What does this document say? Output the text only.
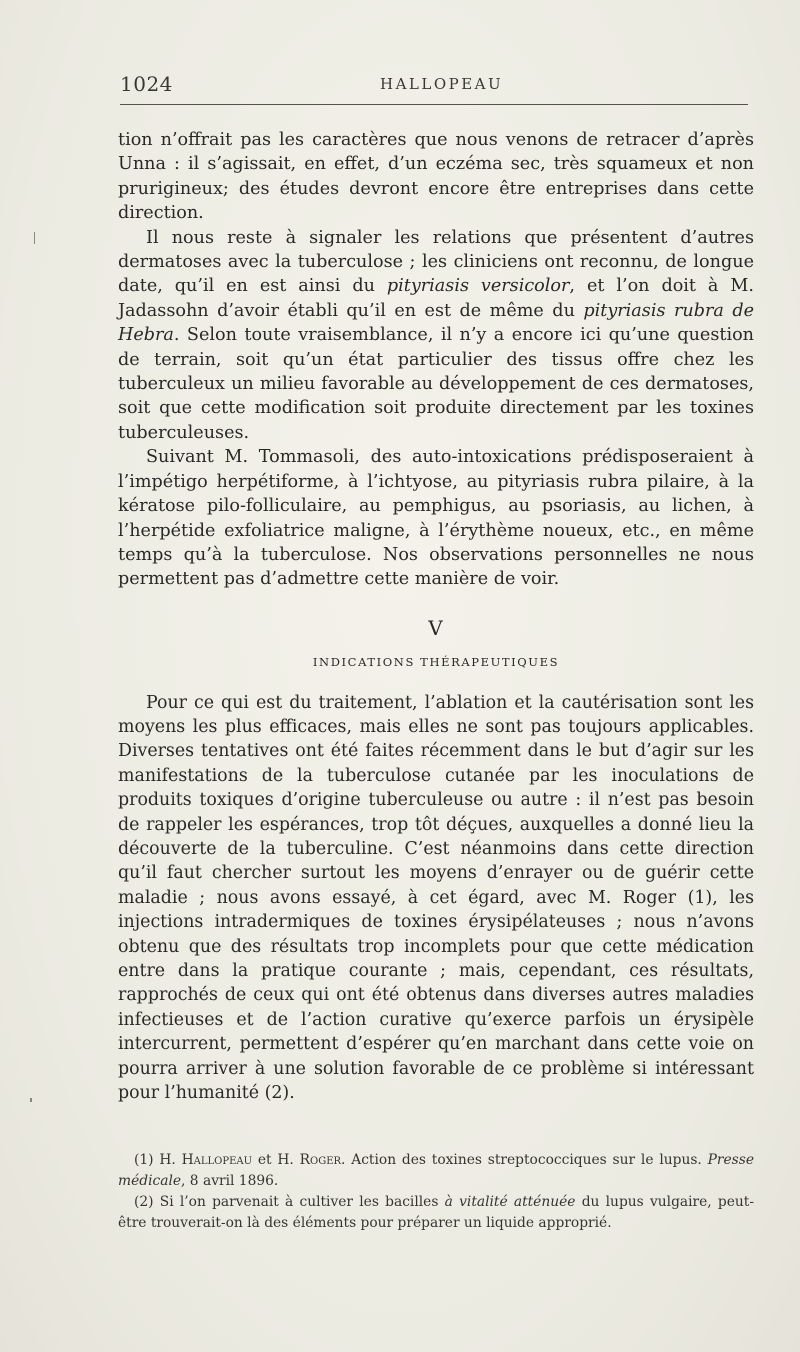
1024	HALLOPEAU

tion n’offrait pas les caractères que nous venons de retracer d’après Unna : il s’agissait, en effet, d’un eczéma sec, très squameux et non prurigineux; des études devront encore être entreprises dans cette direction.

Il nous reste à signaler les relations que présentent d’autres dermatoses avec la tuberculose ; les cliniciens ont reconnu, de longue date, qu’il en est ainsi du pityriasis versicolor, et l’on doit à M. Jadassohn d’avoir établi qu’il en est de même du pityriasis rubra de Hebra. Selon toute vraisemblance, il n’y a encore ici qu’une question de terrain, soit qu’un état particulier des tissus offre chez les tuberculeux un milieu favorable au développement de ces dermatoses, soit que cette modification soit produite directement par les toxines tuberculeuses.

Suivant M. Tommasoli, des auto-intoxications prédisposeraient à l’impétigo herpétiforme, à l’ichtyose, au pityriasis rubra pilaire, à la kératose pilo-folliculaire, au pemphigus, au psoriasis, au lichen, à l’herpétide exfoliatrice maligne, à l’érythème noueux, etc., en même temps qu’à la tuberculose. Nos observations personnelles ne nous permettent pas d’admettre cette manière de voir.

V
INDICATIONS THÉRAPEUTIQUES

Pour ce qui est du traitement, l’ablation et la cautérisation sont les moyens les plus efficaces, mais elles ne sont pas toujours applicables. Diverses tentatives ont été faites récemment dans le but d’agir sur les manifestations de la tuberculose cutanée par les inoculations de produits toxiques d’origine tuberculeuse ou autre : il n’est pas besoin de rappeler les espérances, trop tôt déçues, auxquelles a donné lieu la découverte de la tuberculine. C’est néanmoins dans cette direction qu’il faut chercher surtout les moyens d’enrayer ou de guérir cette maladie ; nous avons essayé, à cet égard, avec M. Roger (1), les injections intradermiques de toxines érysipélateuses ; nous n’avons obtenu que des résultats trop incomplets pour que cette médication entre dans la pratique courante ; mais, cependant, ces résultats, rapprochés de ceux qui ont été obtenus dans diverses autres maladies infectieuses et de l’action curative qu’exerce parfois un érysipèle intercurrent, permettent d’espérer qu’en marchant dans cette voie on pourra arriver à une solution favorable de ce problème si intéressant pour l’humanité (2).

(1) H. Hallopeau et H. Roger. Action des toxines streptococciques sur le lupus. Presse médicale, 8 avril 1896.

(2) Si l’on parvenait à cultiver les bacilles à vitalité atténuée du lupus vulgaire, peut-être trouverait-on là des éléments pour préparer un liquide approprié.
